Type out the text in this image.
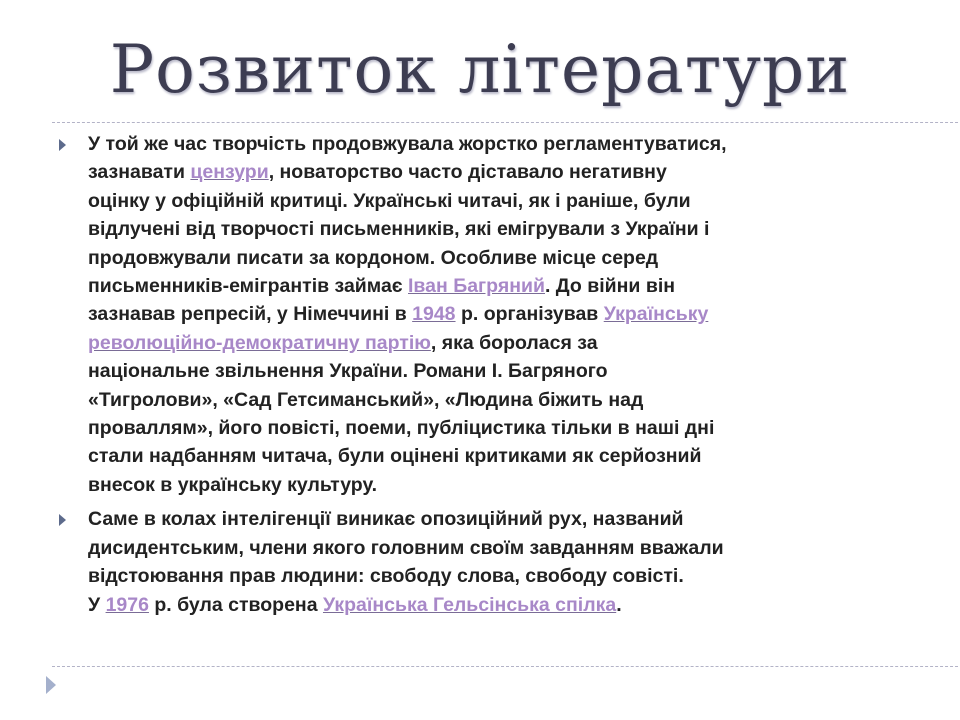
Розвиток літератури
У той же час творчість продовжувала жорстко регламентуватися,
зазнавати цензури, новаторство часто діставало негативну
оцінку у офіційній критиці. Українські читачі, як і раніше, були
відлучені від творчості письменників, які емігрували з України і
продовжували писати за кордоном. Особливе місце серед
письменників-емігрантів займає Іван Багряний. До війни він
зазнавав репресій, у Німеччині в 1948 р. організував Українську
революційно-демократичну партію, яка боролася за
національне звільнення України. Романи І. Багряного
«Тигролови», «Сад Гетсиманський», «Людина біжить над
проваллям», його повісті, поеми, публіцистика тільки в наші дні
стали надбанням читача, були оцінені критиками як серйозний
внесок в українську культуру.
Саме в колах інтелігенції виникає опозиційний рух, названий
дисидентським, члени якого головним своїм завданням вважали
відстоювання прав людини: свободу слова, свободу совісті.
У 1976 р. була створена Українська Гельсінська спілка.
